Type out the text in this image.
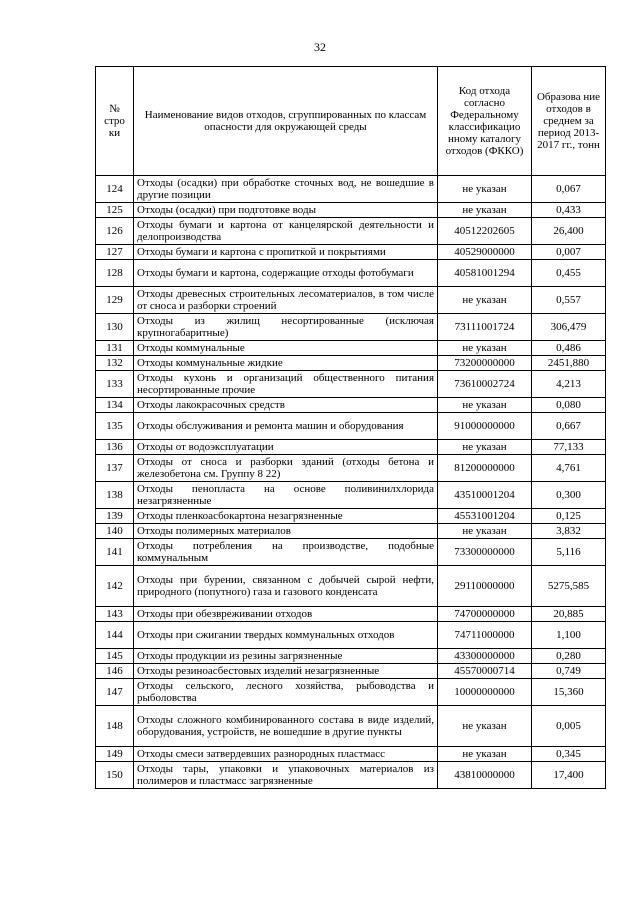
32
№ стро ки	Наименование видов отходов, сгруппированных по классам опасности для окружающей среды	Код отхода согласно Федеральному классификацио нному каталогу отходов (ФККО)	Образова ние отходов в среднем за период 2013-2017 гг., тонн
124	Отходы (осадки) при обработке сточных вод, не вошедшие в другие позиции	не указан	0,067
125	Отходы (осадки) при подготовке воды	не указан	0,433
126	Отходы бумаги и картона от канцелярской деятельности и делопроизводства	40512202605	26,400
127	Отходы бумаги и картона с пропиткой и покрытиями	40529000000	0,007
128	Отходы бумаги и картона, содержащие отходы фотобумаги	40581001294	0,455
129	Отходы древесных строительных лесоматериалов, в том числе от сноса и разборки строений	не указан	0,557
130	Отходы из жилищ несортированные (исключая крупногабаритные)	73111001724	306,479
131	Отходы коммунальные	не указан	0,486
132	Отходы коммунальные жидкие	73200000000	2451,880
133	Отходы кухонь и организаций общественного питания несортированные прочие	73610002724	4,213
134	Отходы лакокрасочных средств	не указан	0,080
135	Отходы обслуживания и ремонта машин и оборудования	91000000000	0,667
136	Отходы от водоэксплуатации	не указан	77,133
137	Отходы от сноса и разборки зданий (отходы бетона и железобетона см. Группу 8 22)	81200000000	4,761
138	Отходы пенопласта на основе поливинилхлорида незагрязненные	43510001204	0,300
139	Отходы пленкоасбокартона незагрязненные	45531001204	0,125
140	Отходы полимерных материалов	не указан	3,832
141	Отходы потребления на производстве, подобные коммунальным	73300000000	5,116
142	Отходы при бурении, связанном с добычей сырой нефти, природного (попутного) газа и газового конденсата	29110000000	5275,585
143	Отходы при обезвреживании отходов	74700000000	20,885
144	Отходы при сжигании твердых коммунальных отходов	74711000000	1,100
145	Отходы продукции из резины загрязненные	43300000000	0,280
146	Отходы резиноасбестовых изделий незагрязненные	45570000714	0,749
147	Отходы сельского, лесного хозяйства, рыбоводства и рыболовства	10000000000	15,360
148	Отходы сложного комбинированного состава в виде изделий, оборудования, устройств, не вошедшие в другие пункты	не указан	0,005
149	Отходы смеси затвердевших разнородных пластмасс	не указан	0,345
150	Отходы тары, упаковки и упаковочных материалов из полимеров и пластмасс загрязненные	43810000000	17,400
